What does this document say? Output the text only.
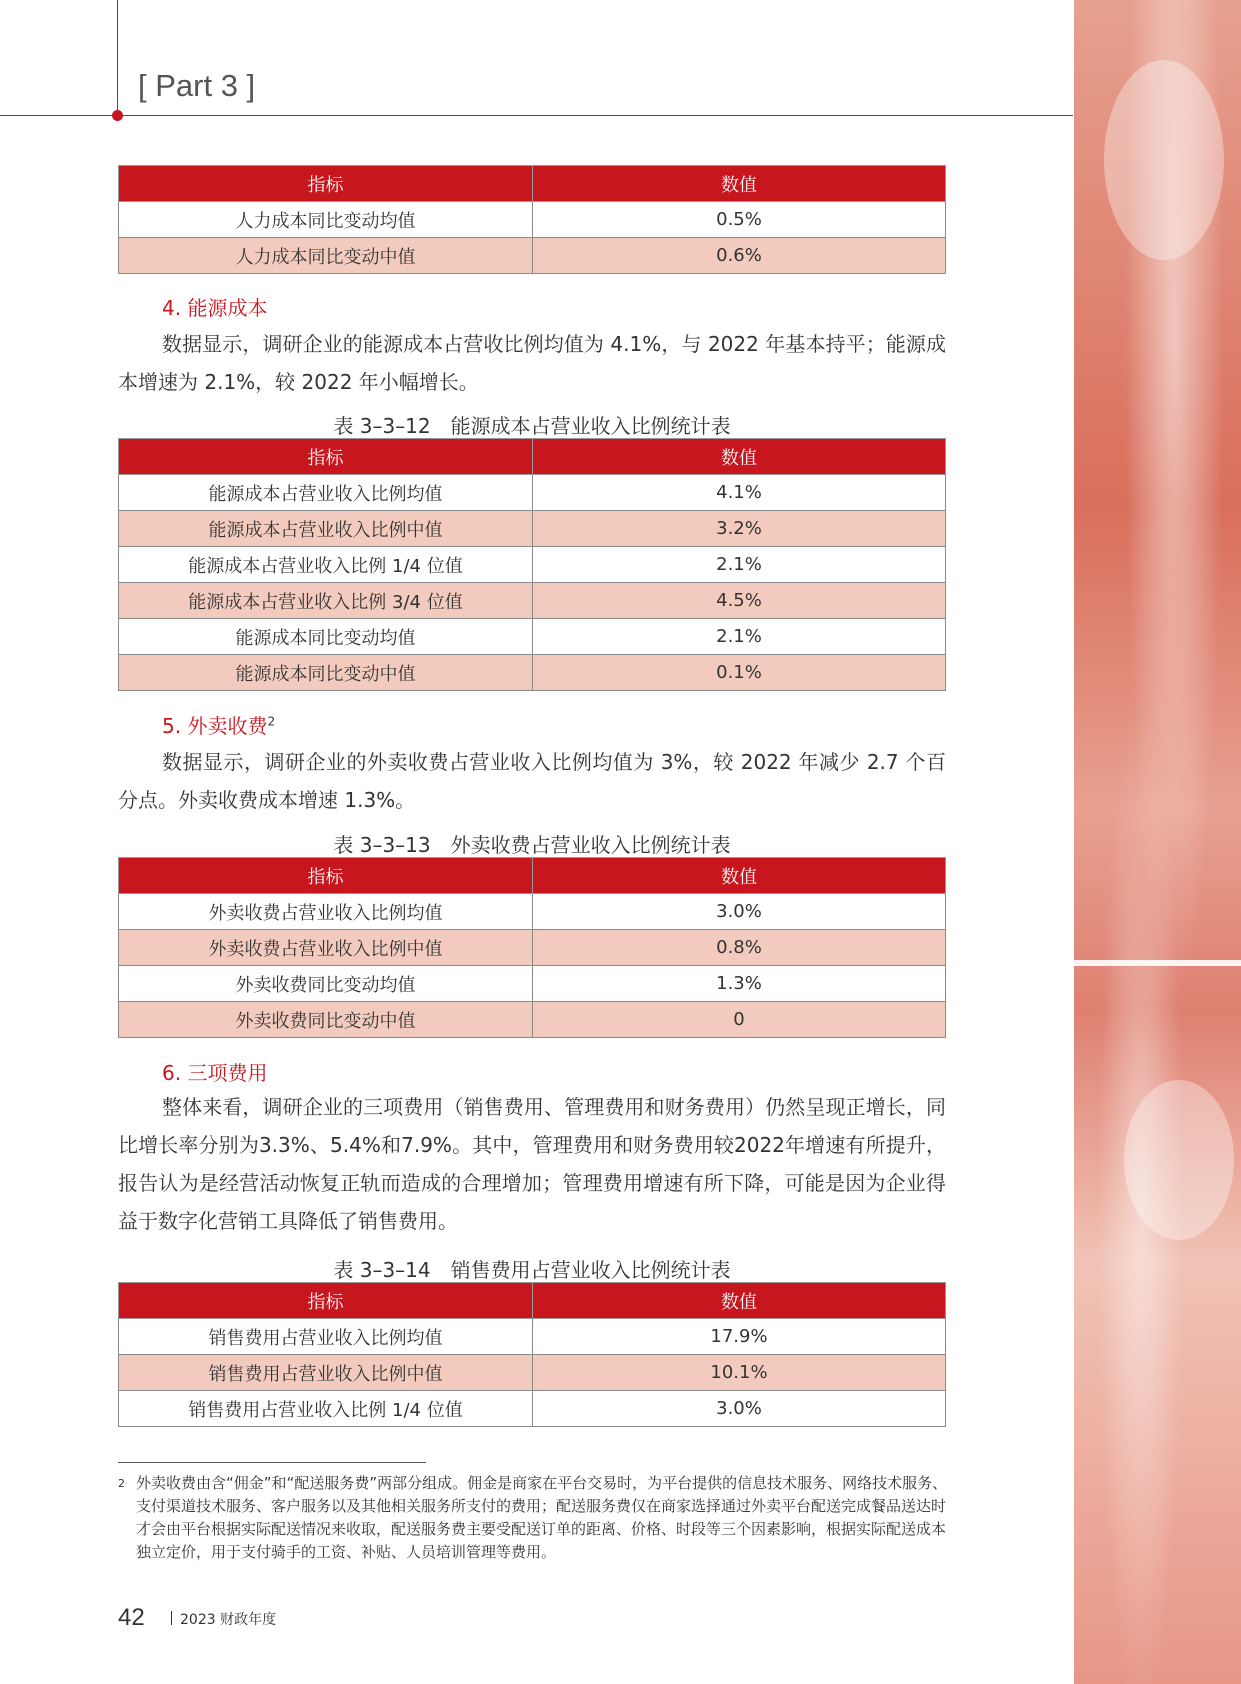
[ Part 3 ]
指标	数值
人力成本同比变动均值	0.5%
人力成本同比变动中值	0.6%
4. 能源成本
数据显示，调研企业的能源成本占营收比例均值为 4.1%，与 2022 年基本持平；能源成本增速为 2.1%，较 2022 年小幅增长。
表 3–3–12　能源成本占营业收入比例统计表
指标	数值
能源成本占营业收入比例均值	4.1%
能源成本占营业收入比例中值	3.2%
能源成本占营业收入比例 1/4 位值	2.1%
能源成本占营业收入比例 3/4 位值	4.5%
能源成本同比变动均值	2.1%
能源成本同比变动中值	0.1%
5. 外卖收费$^2$
数据显示，调研企业的外卖收费占营业收入比例均值为 3%，较 2022 年减少 2.7 个百分点。外卖收费成本增速 1.3%。
表 3–3–13　外卖收费占营业收入比例统计表
指标	数值
外卖收费占营业收入比例均值	3.0%
外卖收费占营业收入比例中值	0.8%
外卖收费同比变动均值	1.3%
外卖收费同比变动中值	0
6. 三项费用
整体来看，调研企业的三项费用（销售费用、管理费用和财务费用）仍然呈现正增长，同比增长率分别为3.3%、5.4%和7.9%。其中，管理费用和财务费用较2022年增速有所提升，报告认为是经营活动恢复正轨而造成的合理增加；管理费用增速有所下降，可能是因为企业得益于数字化营销工具降低了销售费用。
表 3–3–14　销售费用占营业收入比例统计表
指标	数值
销售费用占营业收入比例均值	17.9%
销售费用占营业收入比例中值	10.1%
销售费用占营业收入比例 1/4 位值	3.0%
2 外卖收费由含“佣金”和“配送服务费”两部分组成。佣金是商家在平台交易时，为平台提供的信息技术服务、网络技术服务、支付渠道技术服务、客户服务以及其他相关服务所支付的费用；配送服务费仅在商家选择通过外卖平台配送完成餐品送达时才会由平台根据实际配送情况来收取，配送服务费主要受配送订单的距离、价格、时段等三个因素影响，根据实际配送成本独立定价，用于支付骑手的工资、补贴、人员培训管理等费用。
42	2023 财政年度
